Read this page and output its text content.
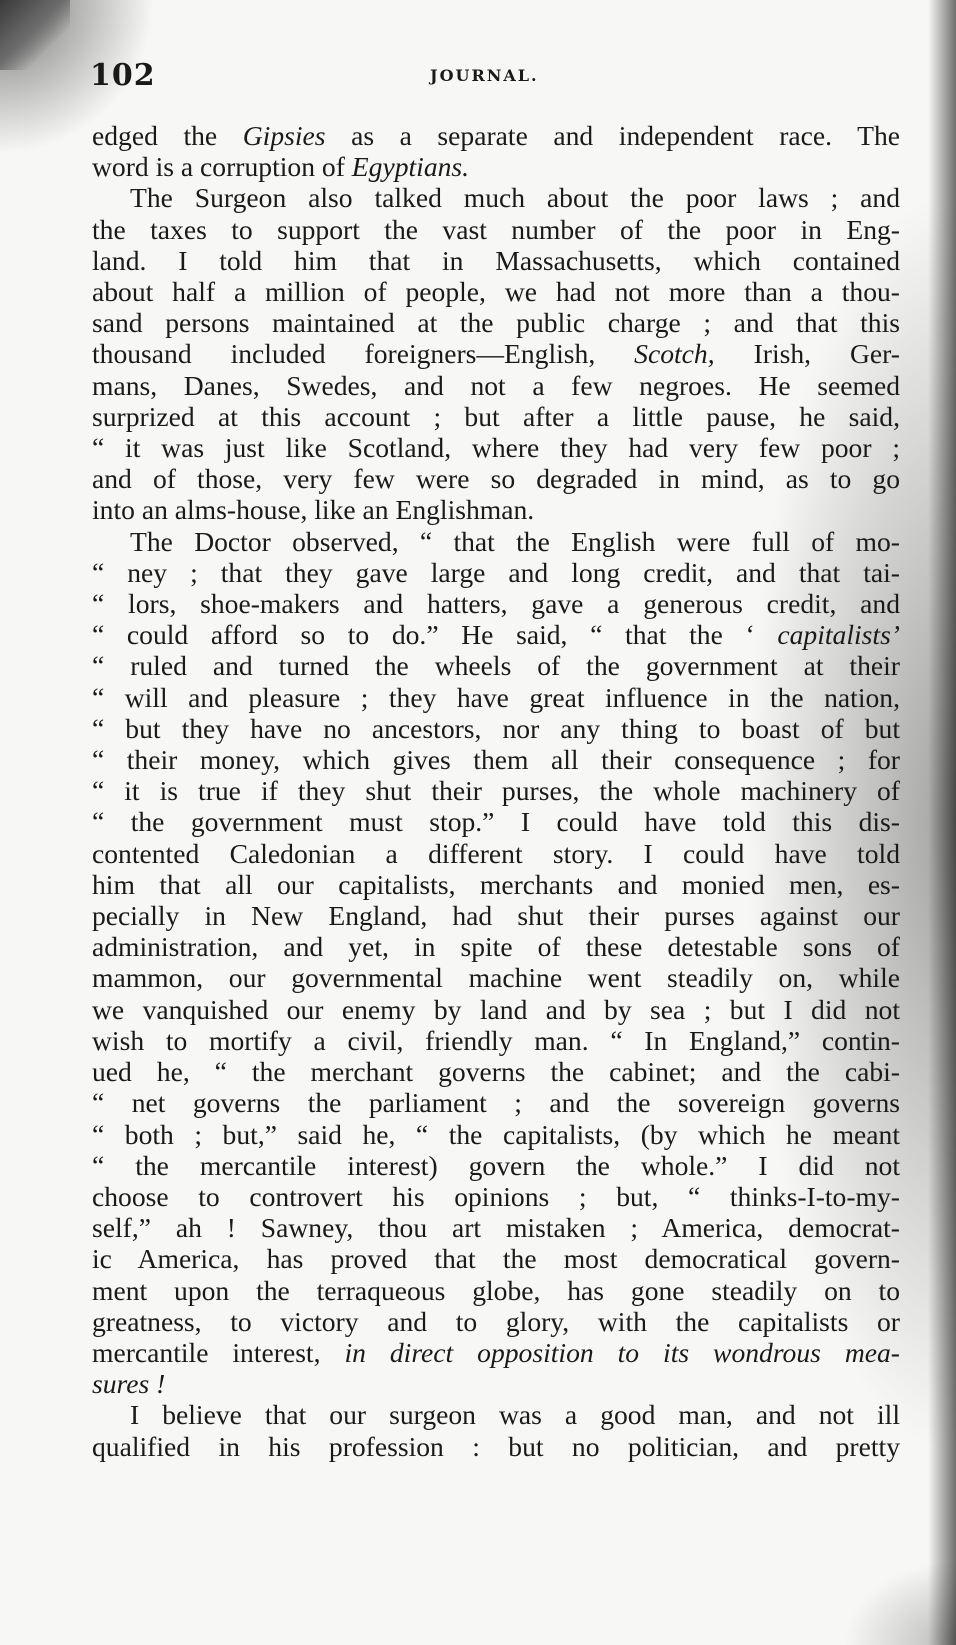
102	JOURNAL.

edged the Gipsies as a separate and independent race. The

word is a corruption of Egyptians.

The Surgeon also talked much about the poor laws ; and

the taxes to support the vast number of the poor in Eng-

land. I told him that in Massachusetts, which contained

about half a million of people, we had not more than a thou-

sand persons maintained at the public charge ; and that this

thousand included foreigners—English, Scotch, Irish, Ger-

mans, Danes, Swedes, and not a few negroes. He seemed

surprized at this account ; but after a little pause, he said,

“ it was just like Scotland, where they had very few poor ;

and of those, very few were so degraded in mind, as to go

into an alms-house, like an Englishman.

The Doctor observed, “ that the English were full of mo-

“ ney ; that they gave large and long credit, and that tai-

“ lors, shoe-makers and hatters, gave a generous credit, and

“ could afford so to do.” He said, “ that the ‘ capitalists’

“ ruled and turned the wheels of the government at their

“ will and pleasure ; they have great influence in the nation,

“ but they have no ancestors, nor any thing to boast of but

“ their money, which gives them all their consequence ; for

“ it is true if they shut their purses, the whole machinery of

“ the government must stop.” I could have told this dis-

contented Caledonian a different story. I could have told

him that all our capitalists, merchants and monied men, es-

pecially in New England, had shut their purses against our

administration, and yet, in spite of these detestable sons of

mammon, our governmental machine went steadily on, while

we vanquished our enemy by land and by sea ; but I did not

wish to mortify a civil, friendly man. “ In England,” contin-

ued he, “ the merchant governs the cabinet; and the cabi-

“ net governs the parliament ; and the sovereign governs

“ both ; but,” said he, “ the capitalists, (by which he meant

“ the mercantile interest) govern the whole.” I did not

choose to controvert his opinions ; but, “ thinks-I-to-my-

self,” ah ! Sawney, thou art mistaken ; America, democrat-

ic America, has proved that the most democratical govern-

ment upon the terraqueous globe, has gone steadily on to

greatness, to victory and to glory, with the capitalists or

mercantile interest, in direct opposition to its wondrous mea-

sures !

I believe that our surgeon was a good man, and not ill

qualified in his profession : but no politician, and pretty
